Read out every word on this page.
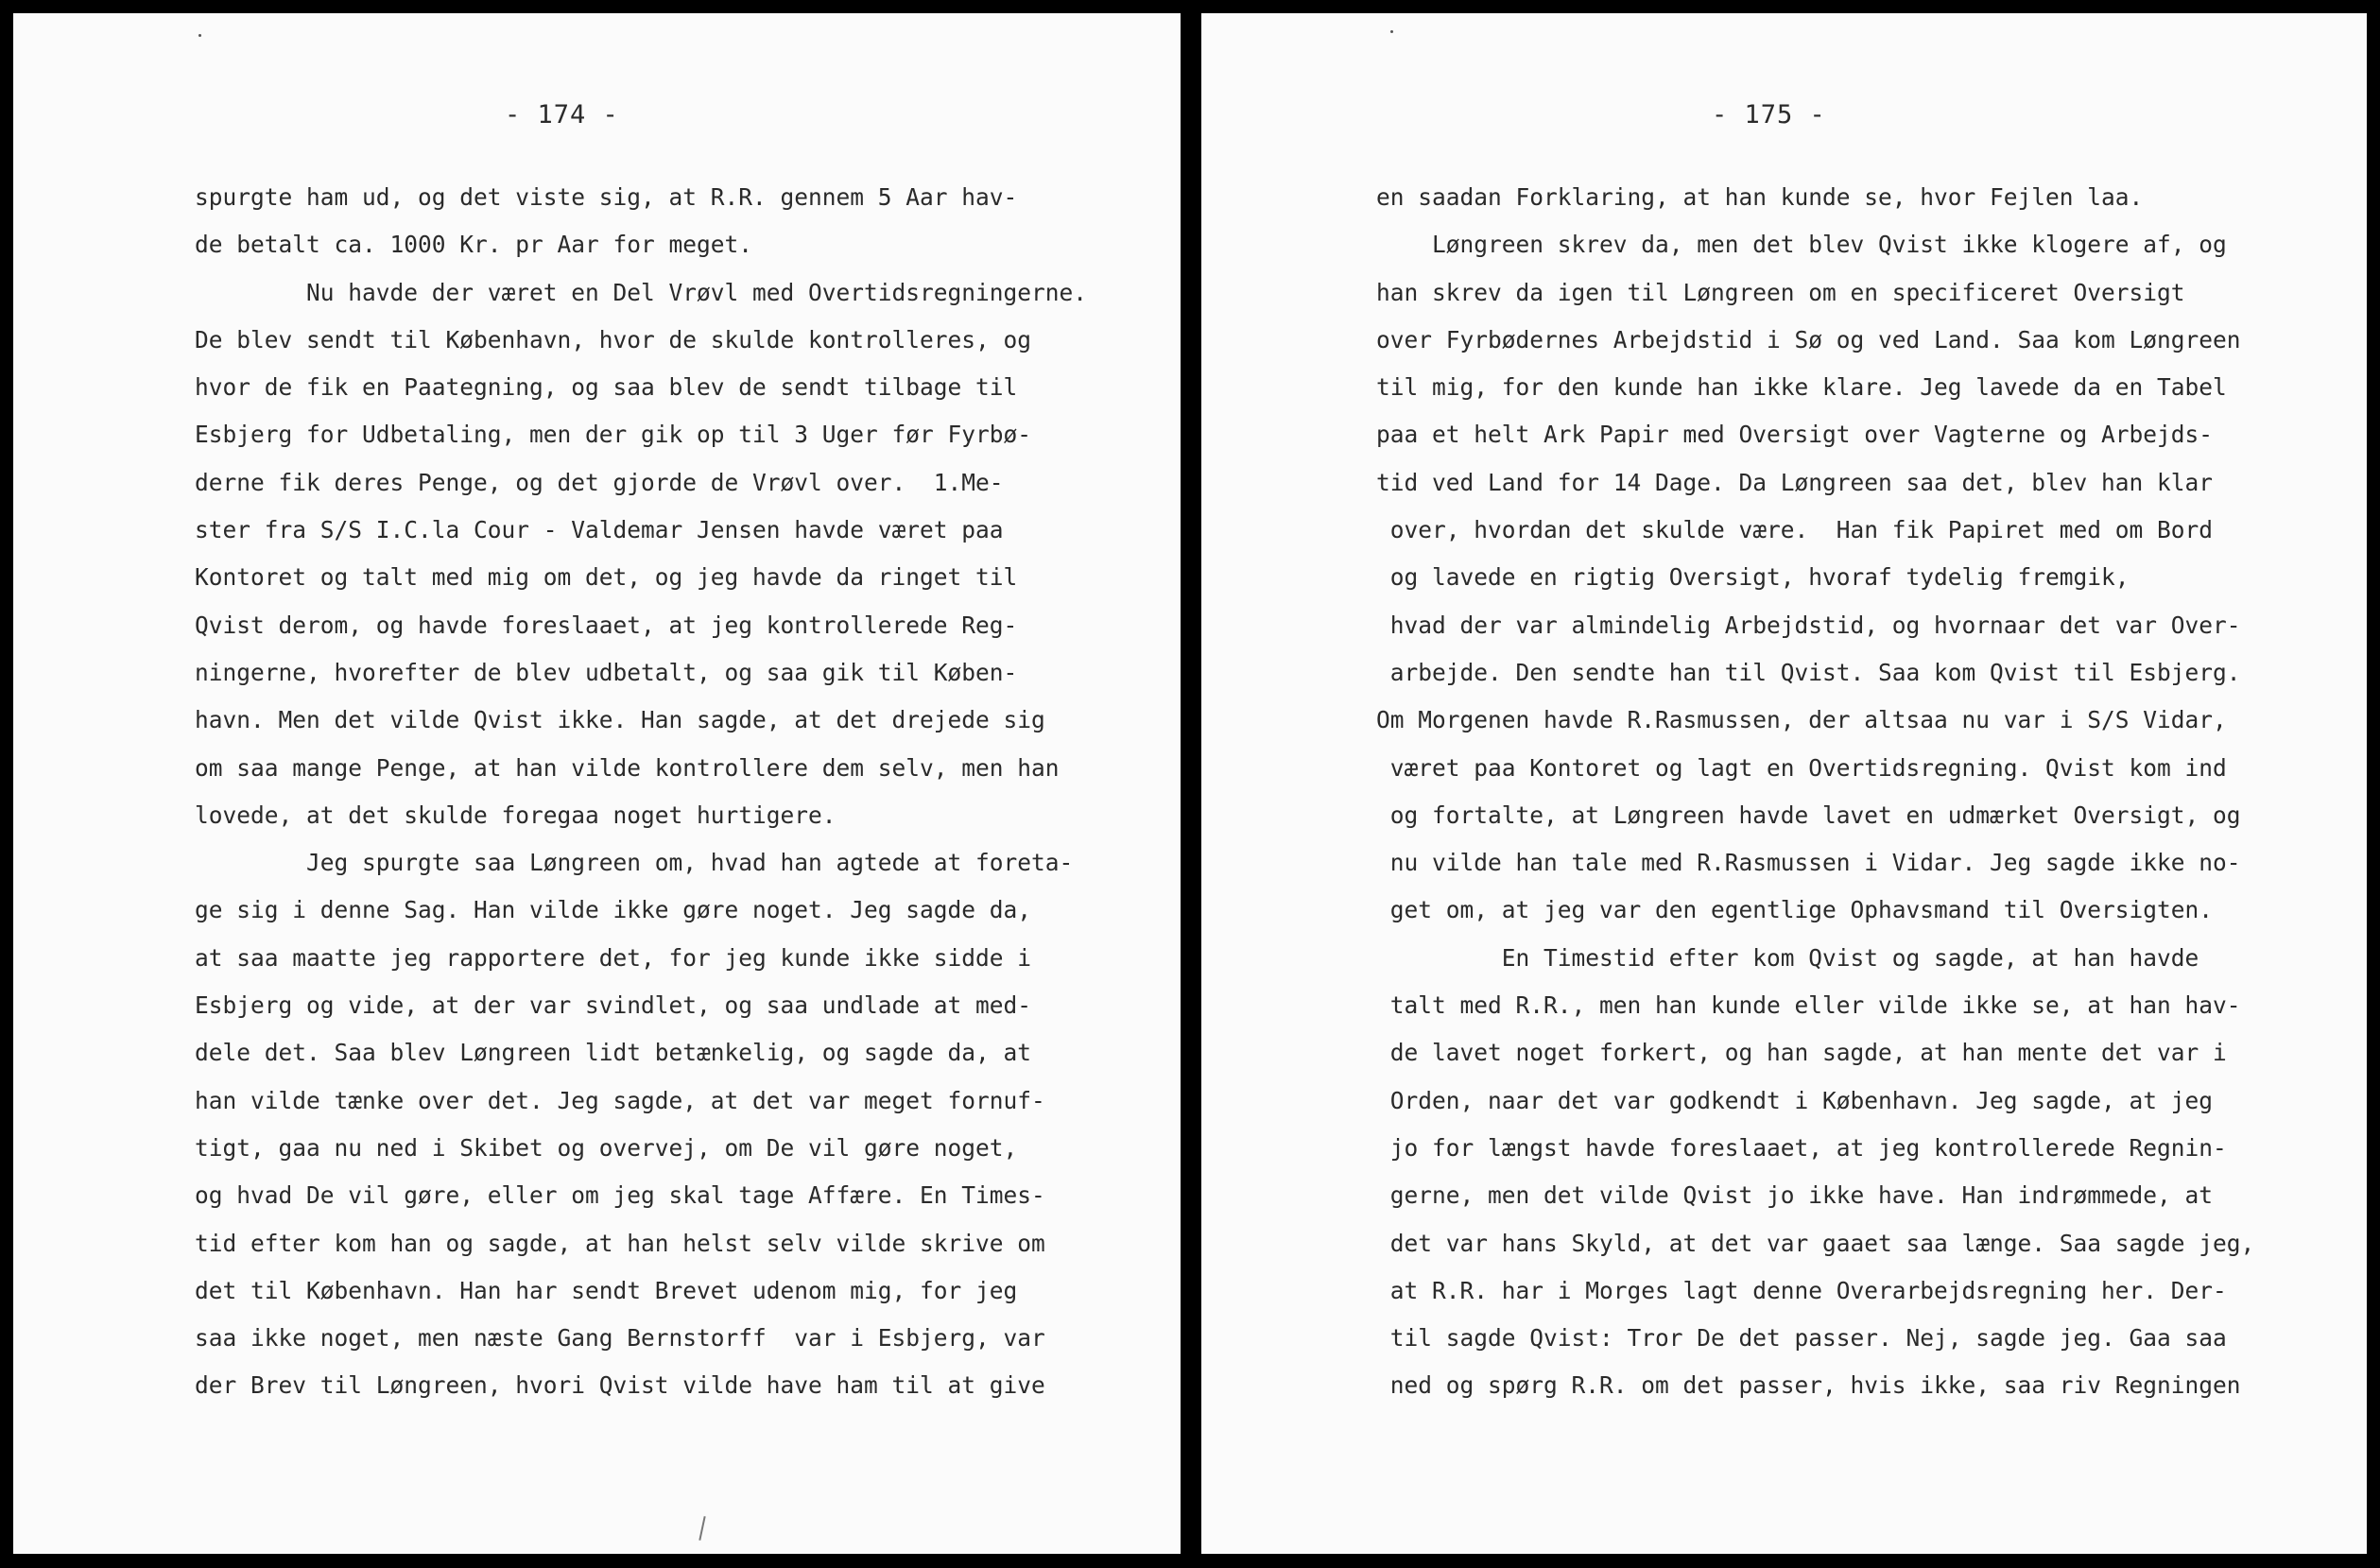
- 174 -
spurgte ham ud, og det viste sig, at R.R. gennem 5 Aar hav-
de betalt ca. 1000 Kr. pr Aar for meget.
Nu havde der været en Del Vrøvl med Overtidsregningerne.
De blev sendt til København, hvor de skulde kontrolleres, og
hvor de fik en Paategning, og saa blev de sendt tilbage til
Esbjerg for Udbetaling, men der gik op til 3 Uger før Fyrbø-
derne fik deres Penge, og det gjorde de Vrøvl over.  1.Me-
ster fra S/S I.C.la Cour - Valdemar Jensen havde været paa
Kontoret og talt med mig om det, og jeg havde da ringet til
Qvist derom, og havde foreslaaet, at jeg kontrollerede Reg-
ningerne, hvorefter de blev udbetalt, og saa gik til Køben-
havn. Men det vilde Qvist ikke. Han sagde, at det drejede sig
om saa mange Penge, at han vilde kontrollere dem selv, men han
lovede, at det skulde foregaa noget hurtigere.
Jeg spurgte saa Løngreen om, hvad han agtede at foreta-
ge sig i denne Sag. Han vilde ikke gøre noget. Jeg sagde da,
at saa maatte jeg rapportere det, for jeg kunde ikke sidde i
Esbjerg og vide, at der var svindlet, og saa undlade at med-
dele det. Saa blev Løngreen lidt betænkelig, og sagde da, at
han vilde tænke over det. Jeg sagde, at det var meget fornuf-
tigt, gaa nu ned i Skibet og overvej, om De vil gøre noget,
og hvad De vil gøre, eller om jeg skal tage Affære. En Times-
tid efter kom han og sagde, at han helst selv vilde skrive om
det til København. Han har sendt Brevet udenom mig, for jeg
saa ikke noget, men næste Gang Bernstorff  var i Esbjerg, var
der Brev til Løngreen, hvori Qvist vilde have ham til at give
- 175 -
en saadan Forklaring, at han kunde se, hvor Fejlen laa.
Løngreen skrev da, men det blev Qvist ikke klogere af, og
han skrev da igen til Løngreen om en specificeret Oversigt
over Fyrbødernes Arbejdstid i Sø og ved Land. Saa kom Løngreen
til mig, for den kunde han ikke klare. Jeg lavede da en Tabel
paa et helt Ark Papir med Oversigt over Vagterne og Arbejds-
tid ved Land for 14 Dage. Da Løngreen saa det, blev han klar
over, hvordan det skulde være.  Han fik Papiret med om Bord
og lavede en rigtig Oversigt, hvoraf tydelig fremgik,
hvad der var almindelig Arbejdstid, og hvornaar det var Over-
arbejde. Den sendte han til Qvist. Saa kom Qvist til Esbjerg.
Om Morgenen havde R.Rasmussen, der altsaa nu var i S/S Vidar,
været paa Kontoret og lagt en Overtidsregning. Qvist kom ind
og fortalte, at Løngreen havde lavet en udmærket Oversigt, og
nu vilde han tale med R.Rasmussen i Vidar. Jeg sagde ikke no-
get om, at jeg var den egentlige Ophavsmand til Oversigten.
En Timestid efter kom Qvist og sagde, at han havde
talt med R.R., men han kunde eller vilde ikke se, at han hav-
de lavet noget forkert, og han sagde, at han mente det var i
Orden, naar det var godkendt i København. Jeg sagde, at jeg
jo for længst havde foreslaaet, at jeg kontrollerede Regnin-
gerne, men det vilde Qvist jo ikke have. Han indrømmede, at
det var hans Skyld, at det var gaaet saa længe. Saa sagde jeg,
at R.R. har i Morges lagt denne Overarbejdsregning her. Der-
til sagde Qvist: Tror De det passer. Nej, sagde jeg. Gaa saa
ned og spørg R.R. om det passer, hvis ikke, saa riv Regningen
